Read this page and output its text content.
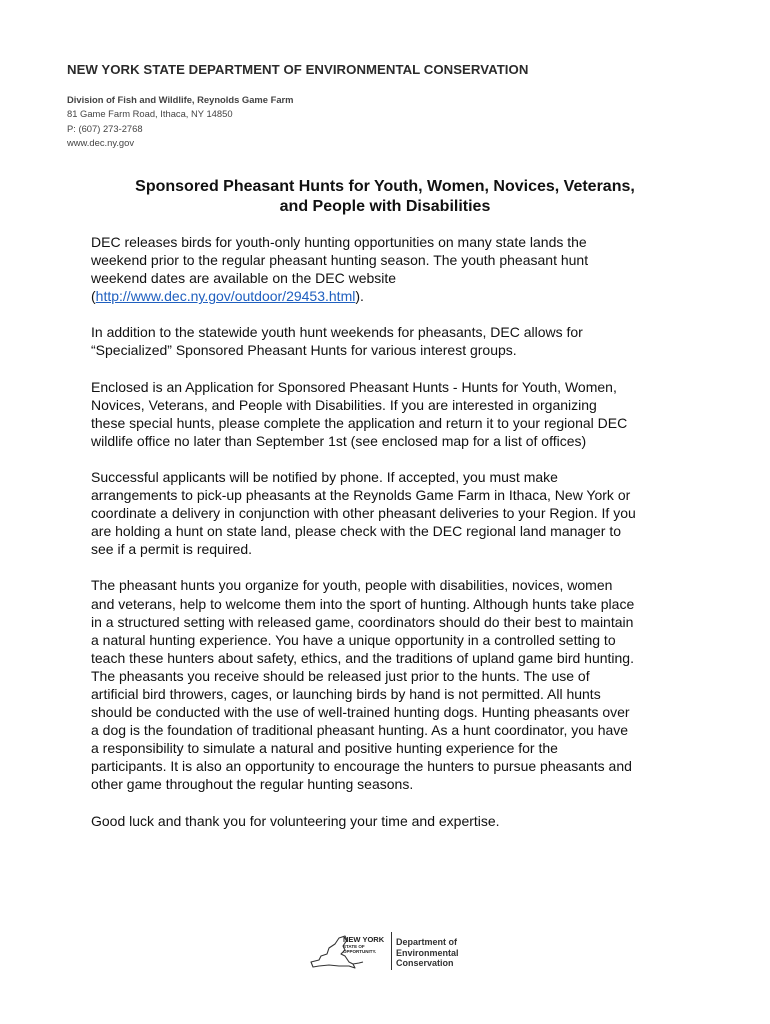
NEW YORK STATE DEPARTMENT OF ENVIRONMENTAL CONSERVATION
Division of Fish and Wildlife, Reynolds Game Farm
81 Game Farm Road, Ithaca, NY 14850
P: (607) 273-2768
www.dec.ny.gov
Sponsored Pheasant Hunts for Youth, Women, Novices, Veterans,
and People with Disabilities
DEC releases birds for youth-only hunting opportunities on many state lands the
weekend prior to the regular pheasant hunting season. The youth pheasant hunt
weekend dates are available on the DEC website
(http://www.dec.ny.gov/outdoor/29453.html).
In addition to the statewide youth hunt weekends for pheasants, DEC allows for
“Specialized” Sponsored Pheasant Hunts for various interest groups.
Enclosed is an Application for Sponsored Pheasant Hunts - Hunts for Youth, Women,
Novices, Veterans, and People with Disabilities. If you are interested in organizing
these special hunts, please complete the application and return it to your regional DEC
wildlife office no later than September 1st (see enclosed map for a list of offices)
Successful applicants will be notified by phone. If accepted, you must make
arrangements to pick-up pheasants at the Reynolds Game Farm in Ithaca, New York or
coordinate a delivery in conjunction with other pheasant deliveries to your Region. If you
are holding a hunt on state land, please check with the DEC regional land manager to
see if a permit is required.
The pheasant hunts you organize for youth, people with disabilities, novices, women
and veterans, help to welcome them into the sport of hunting. Although hunts take place
in a structured setting with released game, coordinators should do their best to maintain
a natural hunting experience. You have a unique opportunity in a controlled setting to
teach these hunters about safety, ethics, and the traditions of upland game bird hunting.
The pheasants you receive should be released just prior to the hunts. The use of
artificial bird throwers, cages, or launching birds by hand is not permitted. All hunts
should be conducted with the use of well-trained hunting dogs. Hunting pheasants over
a dog is the foundation of traditional pheasant hunting. As a hunt coordinator, you have
a responsibility to simulate a natural and positive hunting experience for the
participants. It is also an opportunity to encourage the hunters to pursue pheasants and
other game throughout the regular hunting seasons.
Good luck and thank you for volunteering your time and expertise.
NEW YORK
STATE OF
OPPORTUNITY.
Department of
Environmental
Conservation
